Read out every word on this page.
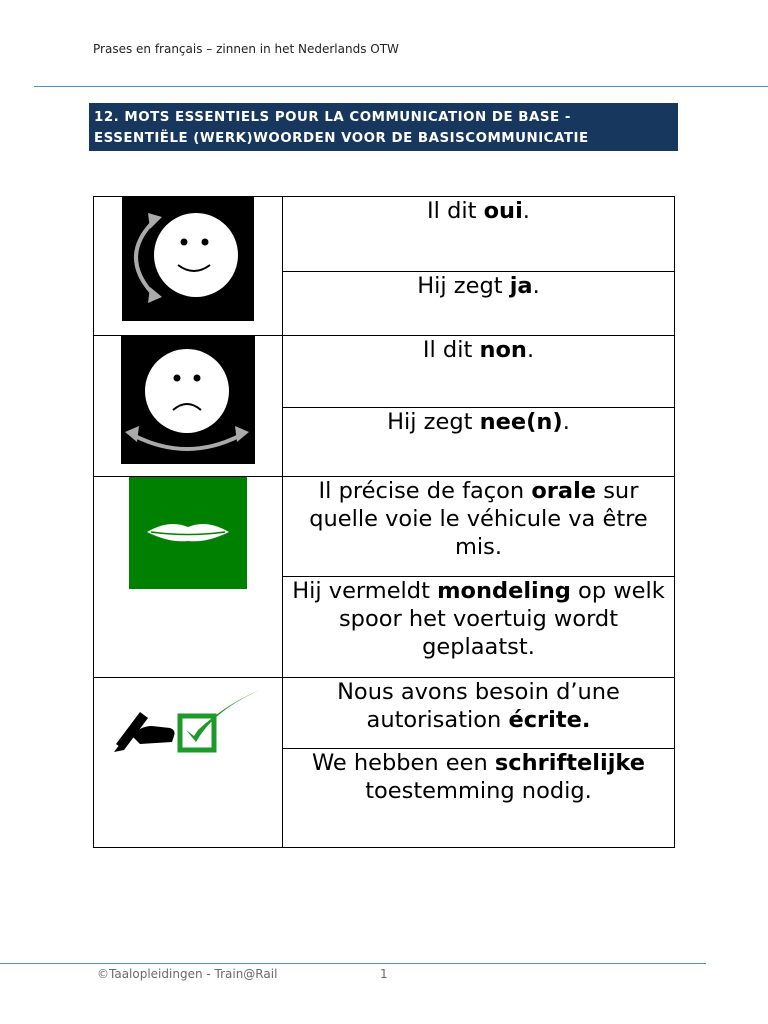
Prases en français – zinnen in het Nederlands OTW
12. MOTS ESSENTIELS POUR LA COMMUNICATION DE BASE -
ESSENTIËLE (WERK)WOORDEN VOOR DE BASISCOMMUNICATIE
	Il dit oui.
	Hij zegt ja.

	Il dit non.
	Hij zegt nee(n).

	Il précise de façon orale sur quelle voie le véhicule va être mis.
	Hij vermeldt mondeling op welk spoor het voertuig wordt geplaatst.

	Nous avons besoin d’une autorisation écrite.
	We hebben een schriftelijke toestemming nodig.
©Taalopleidingen - Train@Rail	1
